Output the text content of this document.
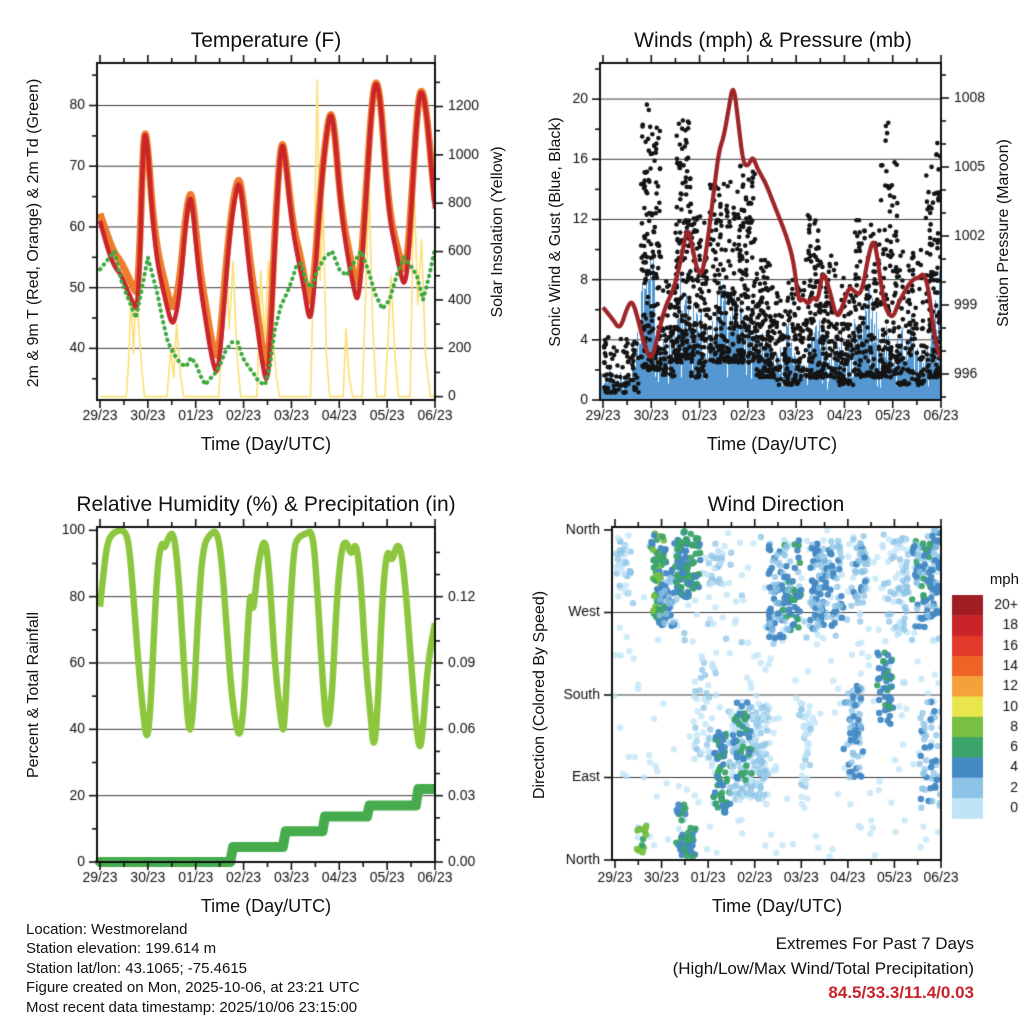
Temperature (F)	Winds (mph) & Pressure (mb)
Relative Humidity (%) & Precipitation (in)	Wind Direction
Time (Day/UTC)	Time (Day/UTC)
Time (Day/UTC)	Time (Day/UTC)
2m & 9m T (Red, Orange) & 2m Td (Green)	Solar Insolation (Yellow)	Sonic Wind & Gust (Blue, Black)	Station Pressure (Maroon)
Percent & Total Rainfall	Direction (Colored By Speed)
mph
Location: Westmoreland
Station elevation: 199.614 m
Station lat/lon: 43.1065; -75.4615
Figure created on Mon, 2025-10-06, at 23:21 UTC
Most recent data timestamp: 2025/10/06 23:15:00
Extremes For Past 7 Days
(High/Low/Max Wind/Total Precipitation)
84.5/33.3/11.4/0.03
